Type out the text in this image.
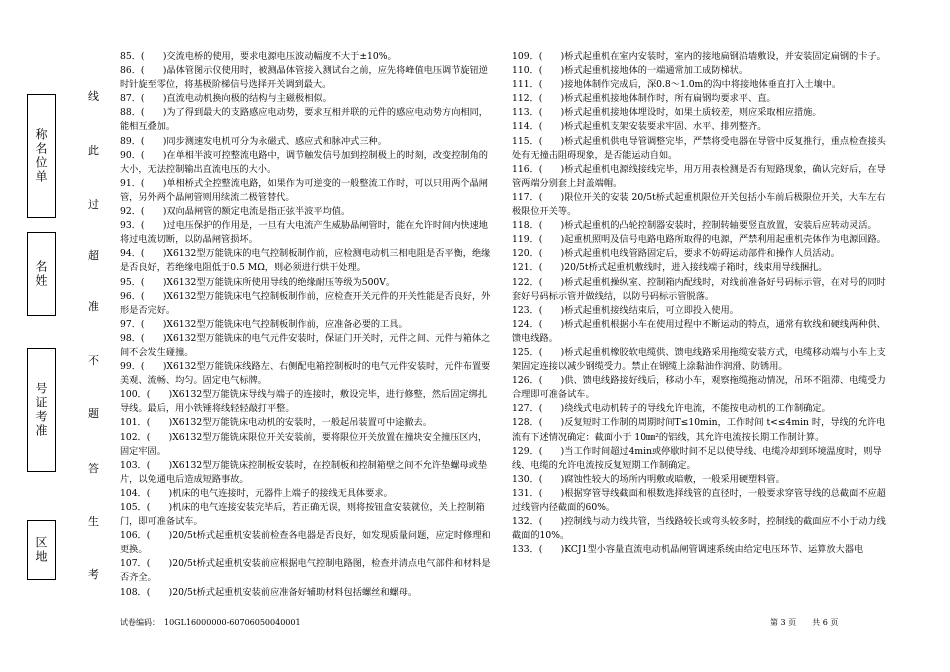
称名位单
名姓
号证考准
区地
线
此
过
超
准
不
题
答
生
考

85．(　　)交流电桥的使用，要求电源电压波动幅度不大于±10%。

86．(　　)晶体管图示仪使用时，被测晶体管接入测试台之前，应先将峰值电压调节旋钮逆时针旋至零位，将基极阶梯信号选择开关调到最大。

87．(　　)直流电动机换向极的结构与主磁极相似。

88．(　　)为了得到最大的支路感应电动势，要求互相并联的元件的感应电动势方向相同，能相互叠加。

89．(　　)同步测速发电机可分为永磁式、感应式和脉冲式三种。

90．(　　)在单相半波可控整流电路中，调节触发信号加到控制极上的时刻，改变控制角的大小，无法控制输出直流电压的大小。

91．(　　)单相桥式全控整流电路，如果作为可逆变的一般整流工作时，可以只用两个晶闸管，另外两个晶闸管则用续流二极管替代。

92．(　　)双向晶闸管的额定电流是指正弦半波平均值。

93．(　　)过电压保护的作用是，一旦有大电流产生威胁晶闸管时，能在允许时间内快速地将过电流切断，以防晶闸管损坏。

94．(　　)X6132型万能铣床的电气控制板制作前，应检测电动机三相电阻是否平衡，绝缘是否良好，若绝缘电阻低于0.5 MΩ，则必须进行烘干处理。

95．(　　)X6132型万能铣床所使用导线的绝缘耐压等级为500V。

96．(　　)X6132型万能铣床电气控制板制作前，应检查开关元件的开关性能是否良好，外形是否完好。

97．(　　)X6132型万能铣床电气控制板制作前，应准备必要的工具。

98．(　　)X6132型万能铣床的电气元件安装时，保证门开关时，元件之间、元件与箱体之间不会发生碰撞。

99．(　　)X6132型万能铣床线路左、右侧配电箱控制板时的电气元件安装时，元件布置要美观、流畅、均匀。固定电气标牌。

100．(　　)X6132型万能铣床导线与端子的连接时，敷设完毕，进行修整，然后固定绑扎导线。最后，用小铁锤将线轻轻敲打平整。

101．(　　)X6132型万能铣床电动机的安装时，一般起吊装置可中途撤去。

102．(　　)X6132型万能铣床限位开关安装前，要将限位开关放置在撞块安全撞压区内，固定牢固。

103．(　　)X6132型万能铣床控制板安装时，在控制板和控制箱壁之间不允许垫螺母或垫片，以免通电后造成短路事故。

104．(　　)机床的电气连接时，元器件上端子的接线无具体要求。

105．(　　)机床的电气连接安装完毕后，若正确无误，则将按钮盒安装就位，关上控制箱门，即可准备试车。

106．(　　)20/5t桥式起重机安装前检查各电器是否良好，如发现质量问题，应定时修理和更换。

107．(　　)20/5t桥式起重机安装前应根据电气控制电路图，检查并清点电气部件和材料是否齐全。

108．(　　)20/5t桥式起重机安装前应准备好辅助材料包括螺丝和螺母。

109．(　　)桥式起重机在室内安装时，室内的接地扁钢沿墙敷设，并安装固定扁钢的卡子。

110．(　　)桥式起重机接地体的一端通常加工成防梯状。

111．(　　)接地体制作完成后，深0.8～1.0m的沟中将接地体垂直打入土壤中。

112．(　　)桥式起重机接地体制作时，所有扁钢均要求平、直。

113．(　　)桥式起重机接地体埋设时，如果土质较差，则应采取相应措施。

114．(　　)桥式起重机支架安装要求牢固、水平、排列整齐。

115．(　　)桥式起重机供电导管调整完毕，严禁将受电器在导管中反复推行，重点检查接头处有无撞击阻碍现象，是否能运动自如。

116．(　　)桥式起重机电源线接线完毕，用万用表检测是否有短路现象，确认完好后，在导管两端分别套上封盖端帽。

117．(　　)限位开关的安装 20/5t桥式起重机限位开关包括小车前后极限位开关，大车左右极限位开关等。

118．(　　)桥式起重机的凸轮控制器安装时，控制转轴要竖直放置，安装后应转动灵活。

119．(　　)起重机照明及信号电路电路所取得的电源，严禁利用起重机壳体作为电源回路。

120．(　　)桥式起重机电线管路固定后，要求不妨碍运动部件和操作人员活动。

121．(　　)20/5t桥式起重机敷线时，进入接线端子箱时，线束用导线捆扎。

122．(　　)桥式起重机操纵室、控制箱内配线时，对线前准备好号码标示管，在对号的同时套好号码标示管并做线结，以防号码标示管脱落。

123．(　　)桥式起重机接线结束后，可立即投入使用。

124．(　　)桥式起重机根据小车在使用过程中不断运动的特点，通常有软线和硬线两种供、馈电线路。

125．(　　)桥式起重机橡胶软电缆供、馈电线路采用拖缆安装方式，电缆移动端与小车上支架固定连接以减少钢缆受力。禁止在钢缆上涂黏油作润滑、防锈用。

126．(　　)供、馈电线路接好线后，移动小车，观察拖缆拖动情况，吊环不阻滞、电缆受力合理即可准备试车。

127．(　　)绕线式电动机转子的导线允许电流，不能按电动机的工作制确定。

128．(　　)反复短时工作制的周期时间T≤10min，工作时间 t<≤4min 时，导线的允许电流有下述情况确定：截面小于 10㎜²的铝线，其允许电流按长期工作制计算。

129．(　　)当工作时间超过4min或停歇时间不足以使导线、电缆冷却到环境温度时，则导线、电缆的允许电流按反复短期工作制确定。

130．(　　)腐蚀性较大的场所内明敷或暗敷，一般采用硬塑料管。

131．(　　)根据穿管导线截面和根数选择线管的直径时，一般要求穿管导线的总截面不应超过线管内径截面的60%。

132．(　　)控制线与动力线共管，当线路较长或弯头较多时，控制线的截面应不小于动力线截面的10%。

133．(　　)KCJ1型小容量直流电动机晶闸管调速系统由给定电压环节、运算放大器电

试卷编码：　10GL16000000-60706050040001	第 3 页　　共 6 页
